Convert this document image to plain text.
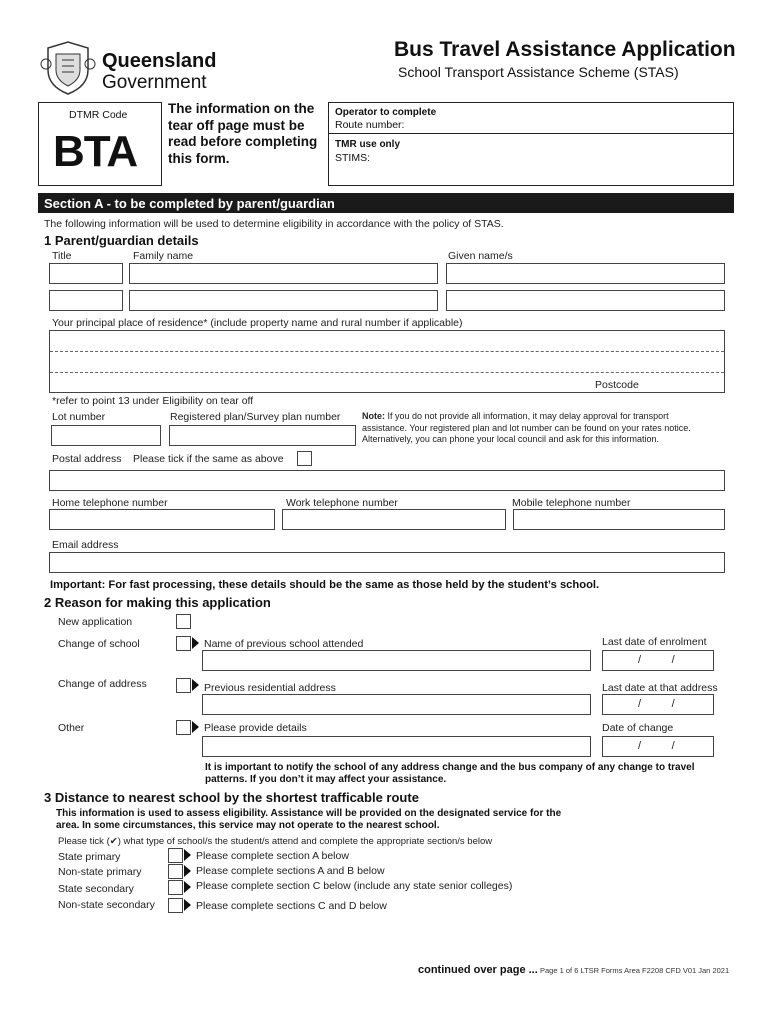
Queensland
Government
Bus Travel Assistance Application
School Transport Assistance Scheme (STAS)
DTMR Code
BTA
The information on the tear off page must be read before completing this form.
Operator to complete
Route number:
TMR use only
STIMS:
Section A - to be completed by parent/guardian
The following information will be used to determine eligibility in accordance with the policy of STAS.
1 Parent/guardian details
Title	Family name	Given name/s
Your principal place of residence* (include property name and rural number if applicable)
Postcode
*refer to point 13 under Eligibility on tear off
Lot number	Registered plan/Survey plan number Note: If you do not provide all information, it may delay approval for transport
assistance. Your registered plan and lot number can be found on your rates notice.
Alternatively, you can phone your local council and ask for this information.
Postal address Please tick if the same as above
Home telephone number	Work telephone number	Mobile telephone number
Email address
Important: For fast processing, these details should be the same as those held by the student’s school.
2 Reason for making this application
New application
Change of school	Name of previous school attended	Last date of enrolment
/          /
Change of address	Previous residential address	Last date at that address
/          /
Other	Please provide details	Date of change
/          /
It is important to notify the school of any address change and the bus company of any change to travel
patterns. If you don’t it may affect your assistance.
3 Distance to nearest school by the shortest trafficable route
This information is used to assess eligibility. Assistance will be provided on the designated service for the
area. In some circumstances, this service may not operate to the nearest school.
Please tick (✔) what type of school/s the student/s attend and complete the appropriate section/s below
State primary	Please complete section A below
Non-state primary	Please complete sections A and B below
State secondary	Please complete section C below (include any state senior colleges)
Non-state secondary	Please complete sections C and D below
continued over page ... Page 1 of 6 LTSR Forms Area F2208 CFD V01 Jan 2021
